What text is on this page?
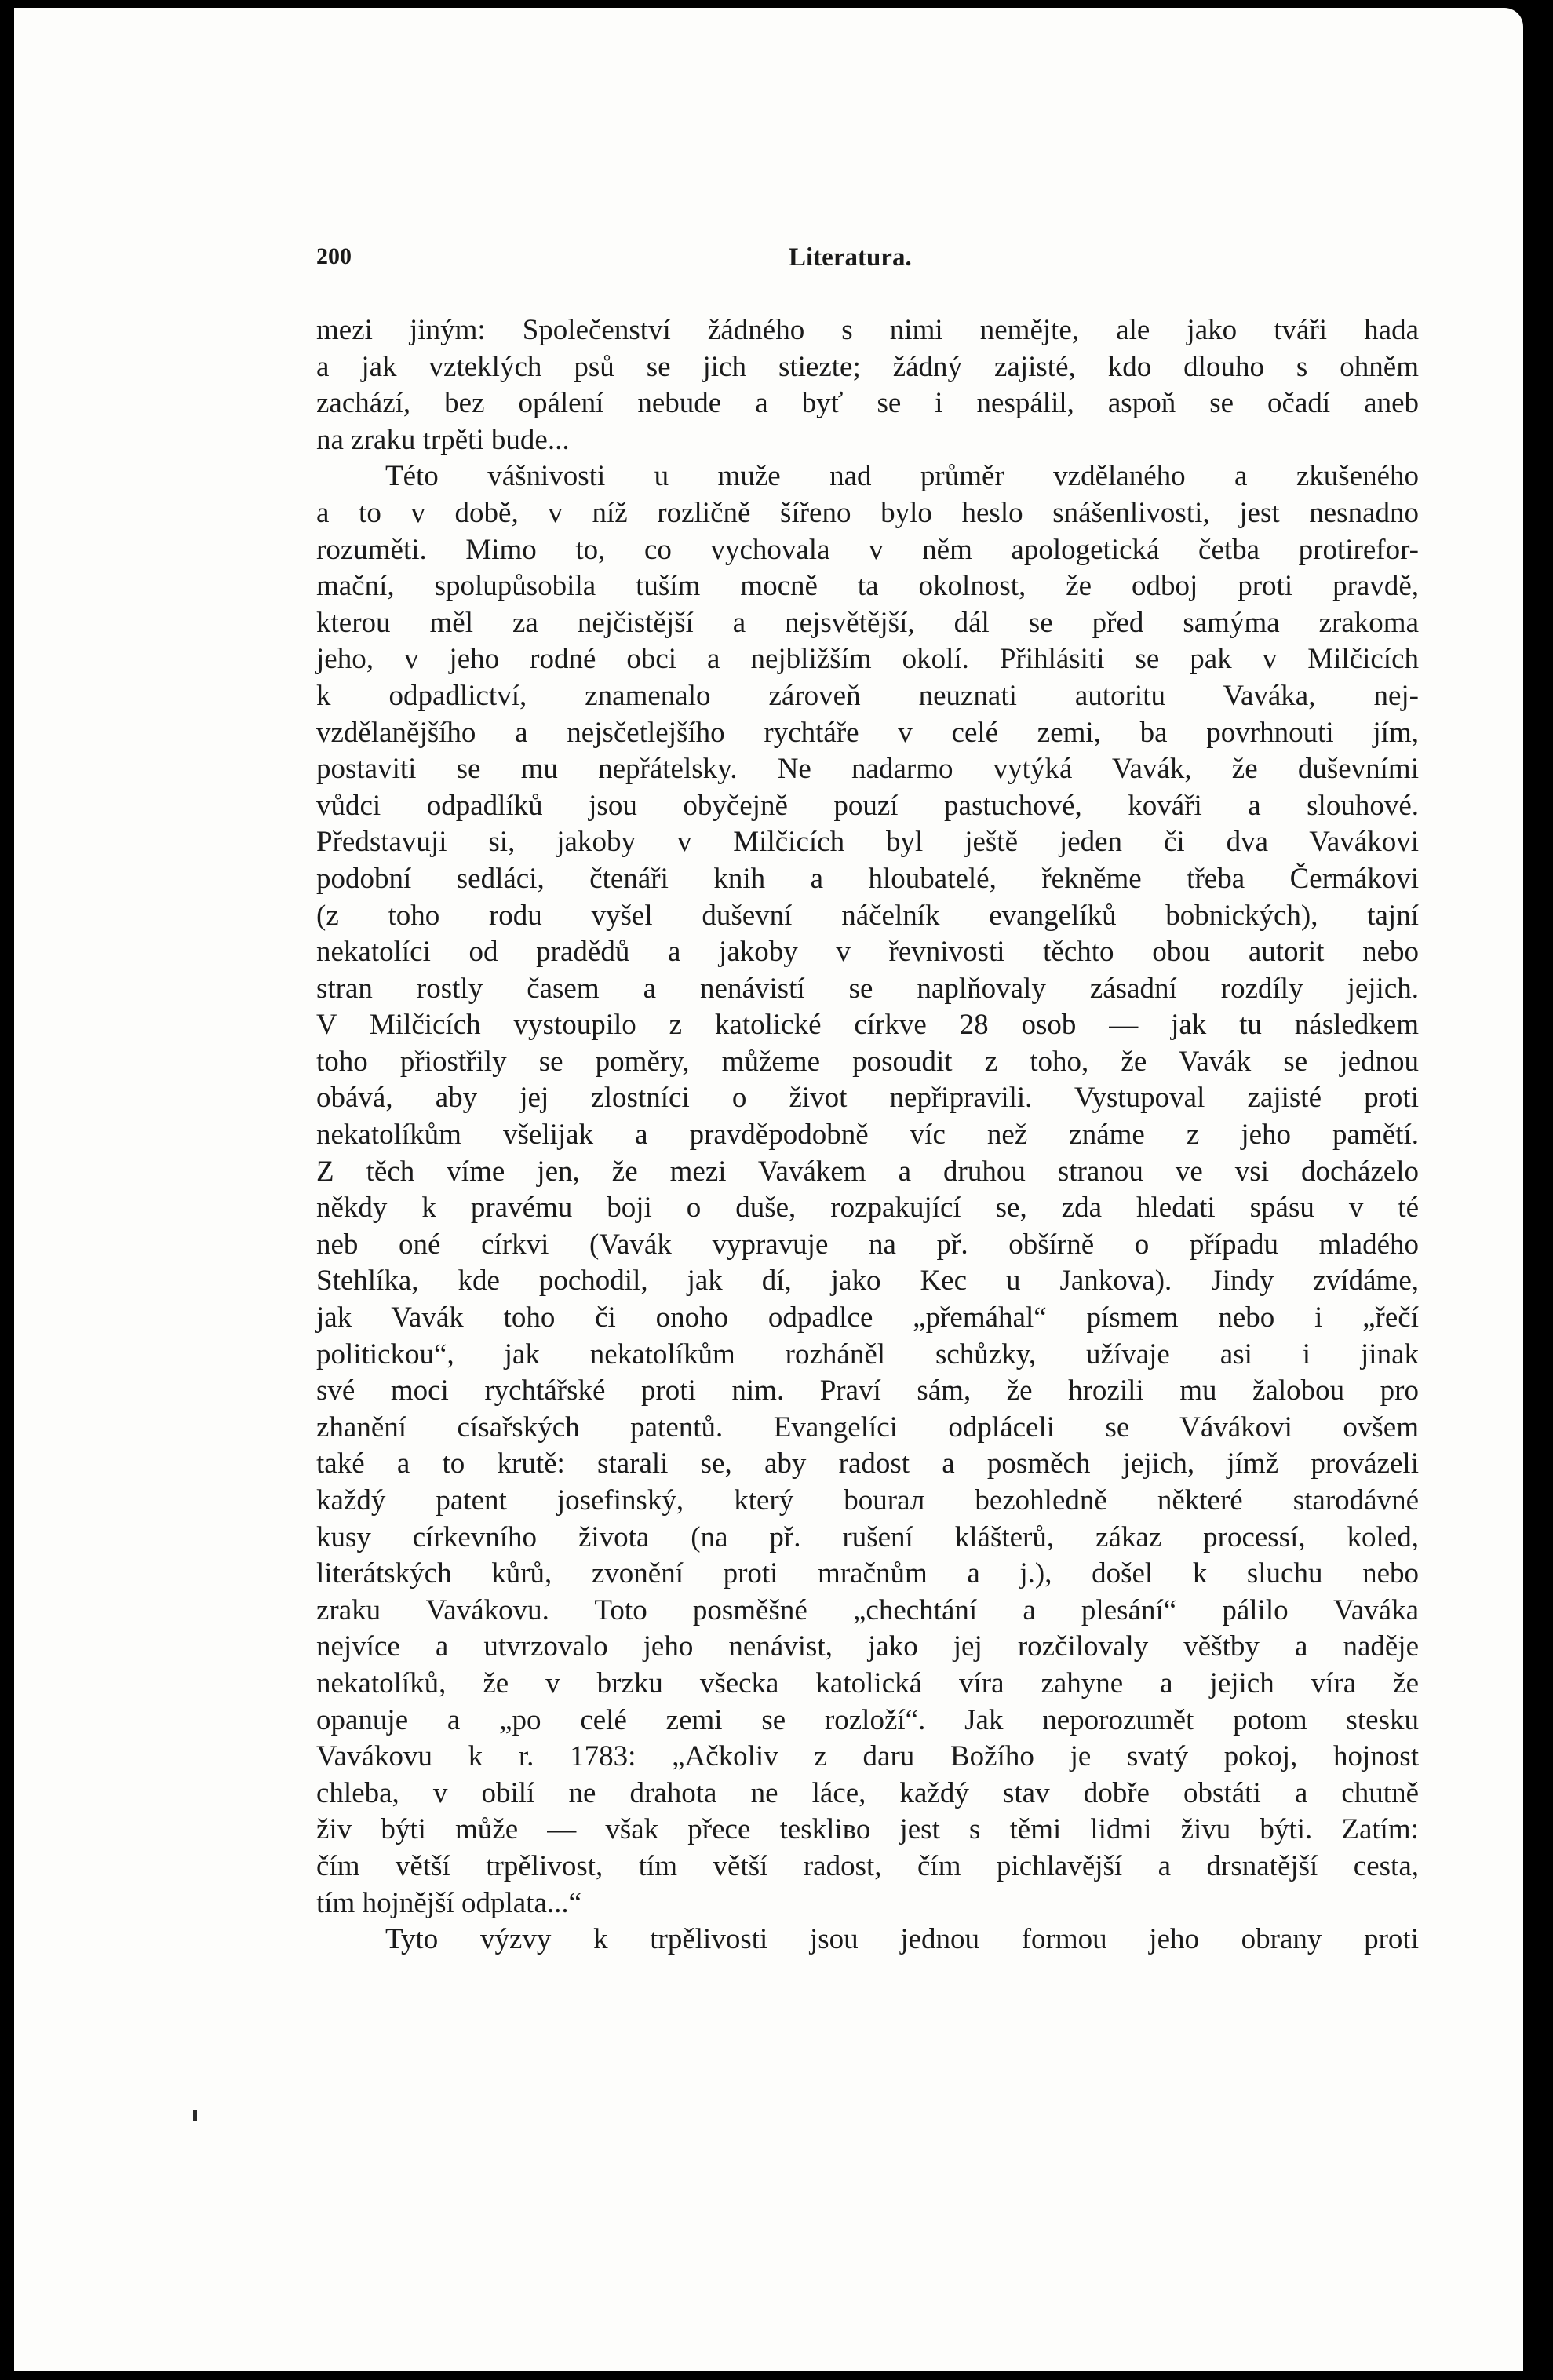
200	Literatura.
mezi jiným: Společenství žádného s nimi nemějte, ale jako tváři hada
a jak vzteklých psů se jich stiezte; žádný zajisté, kdo dlouho s ohněm
zachází, bez opálení nebude a byť se i nespálil, aspoň se očadí aneb
na zraku trpěti bude...
Této vášnivosti u muže nad průměr vzdělaného a zkušeného
a to v době, v níž rozličně šířeno bylo heslo snášenlivosti, jest nesnadno
rozuměti. Mimo to, co vychovala v něm apologetická četba protirefor-
mační, spolupůsobila tuším mocně ta okolnost, že odboj proti pravdě,
kterou měl za nejčistější a nejsvětější, dál se před samýma zrakoma
jeho, v jeho rodné obci a nejbližším okolí. Přihlásiti se pak v Milčicích
k odpadlictví, znamenalo zároveň neuznati autoritu Vaváka, nej-
vzdělanějšího a nejsčetlejšího rychtáře v celé zemi, ba povrhnouti jím,
postaviti se mu nepřátelsky. Ne nadarmo vytýká Vavák, že duševními
vůdci odpadlíků jsou obyčejně pouzí pastuchové, kováři a slouhové.
Představuji si, jakoby v Milčicích byl ještě jeden či dva Vavákovi
podobní sedláci, čtenáři knih a hloubatelé, řekněme třeba Čermákovi
(z toho rodu vyšel duševní náčelník evangelíků bobnických), tajní
nekatolíci od pradědů a jakoby v řevnivosti těchto obou autorit nebo
stran rostly časem a nenávistí se naplňovaly zásadní rozdíly jejich.
V Milčicích vystoupilo z katolické církve 28 osob — jak tu následkem
toho přiostřily se poměry, můžeme posoudit z toho, že Vavák se jednou
obává, aby jej zlostníci o život nepřipravili. Vystupoval zajisté proti
nekatolíkům všelijak a pravděpodobně víc než známe z jeho pamětí.
Z těch víme jen, že mezi Vavákem a druhou stranou ve vsi docházelo
někdy k pravému boji o duše, rozpakující se, zda hledati spásu v té
neb oné církvi (Vavák vypravuje na př. obšírně o případu mladého
Stehlíka, kde pochodil, jak dí, jako Kec u Jankova). Jindy zvídáme,
jak Vavák toho či onoho odpadlce „přemáhal“ písmem nebo i „řečí
politickou“, jak nekatolíkům rozháněl schůzky, užívaje asi i jinak
své moci rychtářské proti nim. Praví sám, že hrozili mu žalobou pro
zhanění císařských patentů. Evangelíci odpláceli se Vávákovi ovšem
také a to krutě: starali se, aby radost a posměch jejich, jímž provázeli
každý patent josefinský, který bourал bezohledně některé starodávné
kusy církevního života (na př. rušení klášterů, zákaz processí, koled,
literátských kůrů, zvonění proti mračnům a j.), došel k sluchu nebo
zraku Vavákovu. Toto posměšné „chechtání a plesání“ pálilo Vaváka
nejvíce a utvrzovalo jeho nenávist, jako jej rozčilovaly věštby a naděje
nekatolíků, že v brzku všecka katolická víra zahyne a jejich víra že
opanuje a „po celé zemi se rozloží“. Jak neporozumět potom stesku
Vavákovu k r. 1783: „Ačkoliv z daru Božího je svatý pokoj, hojnost
chleba, v obilí ne drahota ne láce, každý stav dobře obstáti a chutně
živ býti může — však přece teskliво jest s těmi lidmi živu býti. Zatím:
čím větší trpělivost, tím větší radost, čím pichlavější a drsnatější cesta,
tím hojnější odplata...“
Tyto výzvy k trpělivosti jsou jednou formou jeho obrany proti
